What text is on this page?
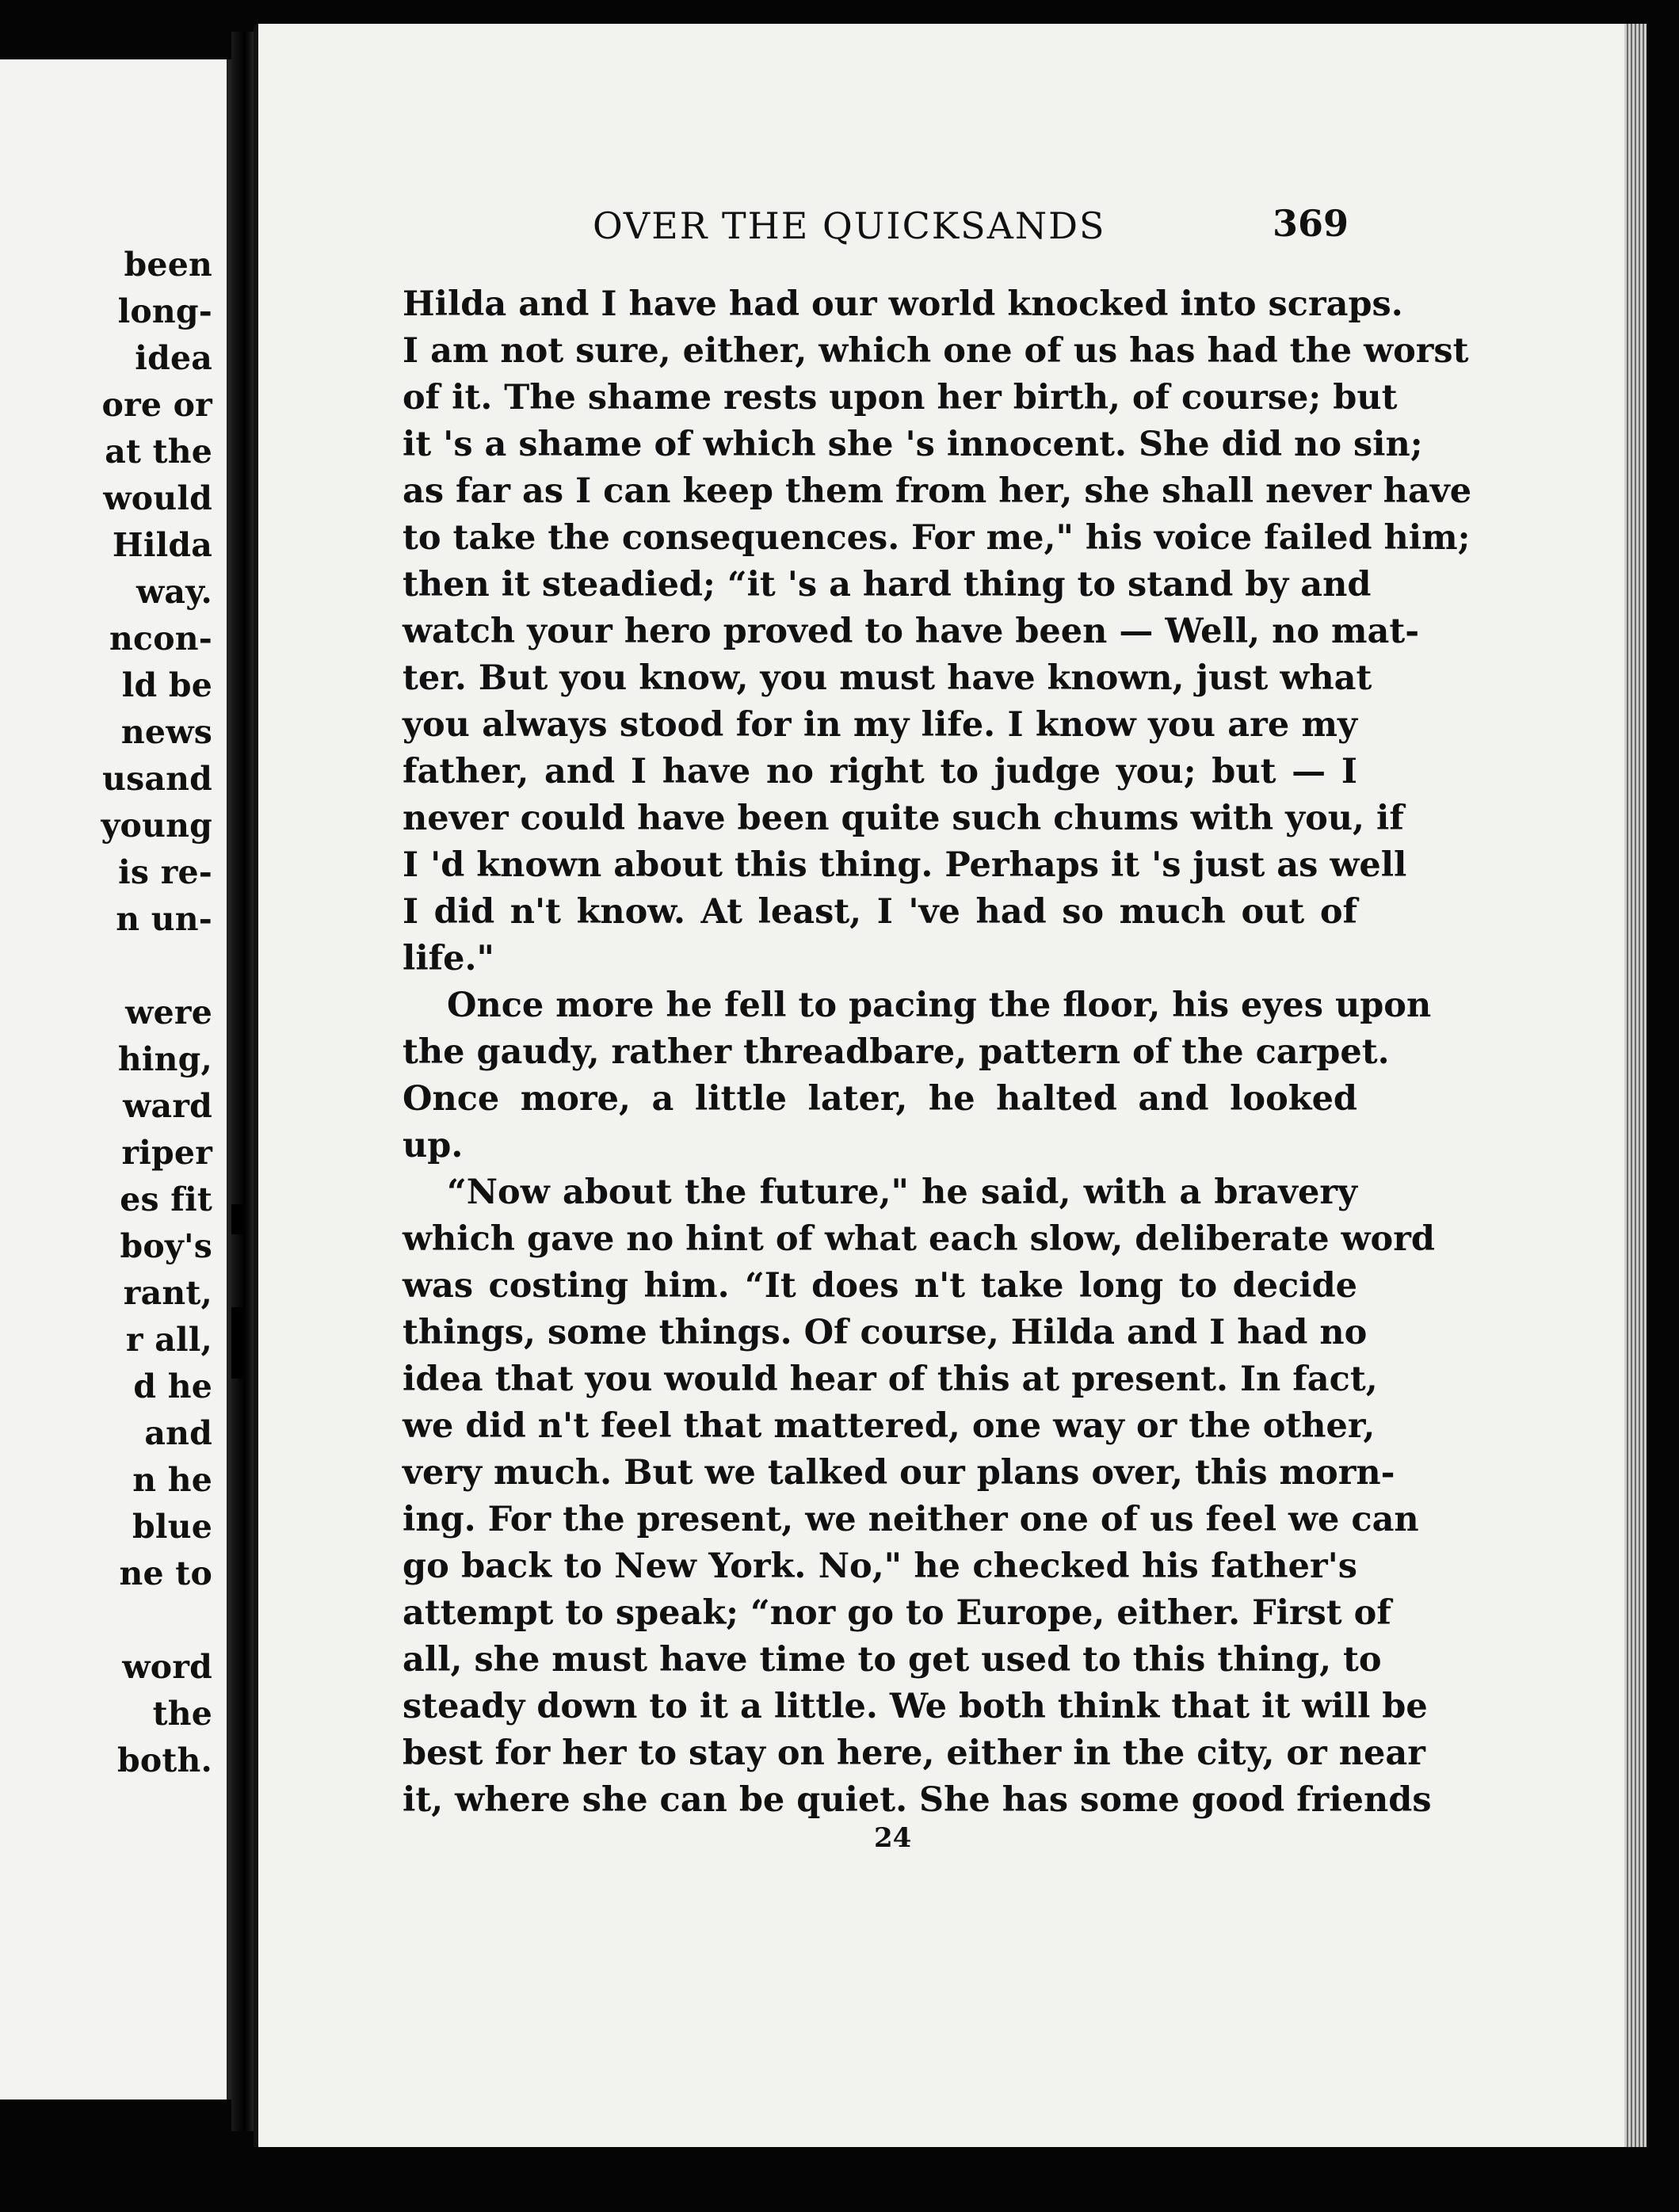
been
long-
idea
ore or
at the
would
Hilda
way.
ncon-
ld be
news
usand
young
is re-
n un-
were
hing,
ward
riper
es fit
boy's
rant,
r all,
d he
and
n he
blue
ne to
word
the
both.
OVER THE QUICKSANDS	369
Hilda and I have had our world knocked into scraps.
I am not sure, either, which one of us has had the worst
of it. The shame rests upon her birth, of course; but
it 's a shame of which she 's innocent. She did no sin;
as far as I can keep them from her, she shall never have
to take the consequences. For me," his voice failed him;
then it steadied; “it 's a hard thing to stand by and
watch your hero proved to have been — Well, no mat-
ter. But you know, you must have known, just what
you always stood for in my life. I know you are my
father, and I have no right to judge you; but — I
never could have been quite such chums with you, if
I 'd known about this thing. Perhaps it 's just as well
I did n't know. At least, I 've had so much out of
life."
Once more he fell to pacing the floor, his eyes upon
the gaudy, rather threadbare, pattern of the carpet.
Once more, a little later, he halted and looked
up.
“Now about the future," he said, with a bravery
which gave no hint of what each slow, deliberate word
was costing him. “It does n't take long to decide
things, some things. Of course, Hilda and I had no
idea that you would hear of this at present. In fact,
we did n't feel that mattered, one way or the other,
very much. But we talked our plans over, this morn-
ing. For the present, we neither one of us feel we can
go back to New York. No," he checked his father's
attempt to speak; “nor go to Europe, either. First of
all, she must have time to get used to this thing, to
steady down to it a little. We both think that it will be
best for her to stay on here, either in the city, or near
it, where she can be quiet. She has some good friends
24
